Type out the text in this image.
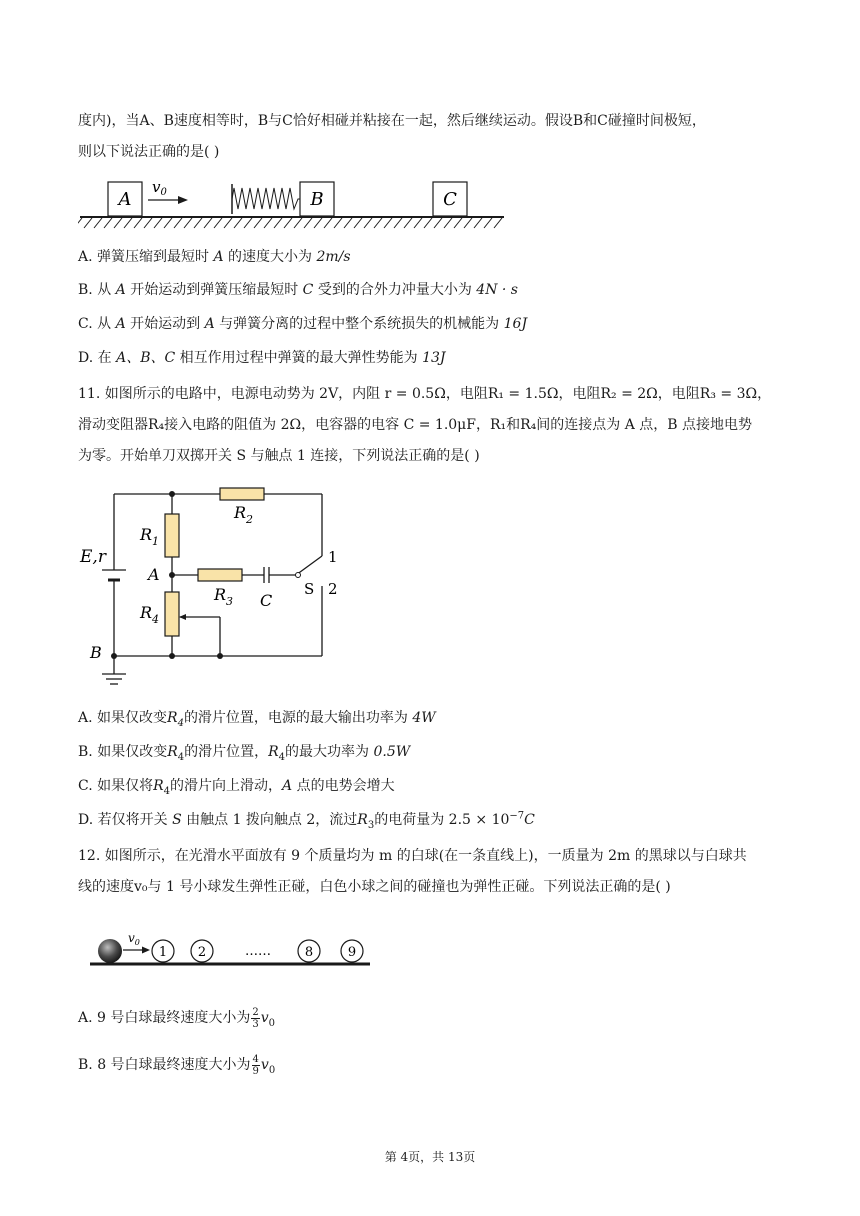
度内)，当A、B速度相等时，B与C恰好相碰并粘接在一起，然后继续运动。假设B和C碰撞时间极短，
则以下说法正确的是( )
A
$v_0$	B	C
A. 弹簧压缩到最短时 A 的速度大小为 2m/s
B. 从 A 开始运动到弹簧压缩最短时 C 受到的合外力冲量大小为 4N · s
C. 从 A 开始运动到 A 与弹簧分离的过程中整个系统损失的机械能为 16J
D. 在 A、B、C 相互作用过程中弹簧的最大弹性势能为 13J
11. 如图所示的电路中，电源电动势为 2V，内阻 r = 0.5Ω，电阻R₁ = 1.5Ω，电阻R₂ = 2Ω，电阻R₃ = 3Ω，
滑动变阻器R₄接入电路的阻值为 2Ω，电容器的电容 C = 1.0μF，R₁和R₄间的连接点为 A 点，B 点接地电势
为零。开始单刀双掷开关 S 与触点 1 连接，下列说法正确的是( )
E,r
$R_1$
$R_2$
A
$R_3$ C
$R_4$
S
1
2
B
A. 如果仅改变$R_4$的滑片位置，电源的最大输出功率为 4W
B. 如果仅改变$R_4$的滑片位置，$R_4$的最大功率为 0.5W
C. 如果仅将$R_4$的滑片向上滑动，A 点的电势会增大
D. 若仅将开关 S 由触点 1 拨向触点 2，流过$R_3$的电荷量为 $2.5 \times 10^{-7}C$
12. 如图所示，在光滑水平面放有 9 个质量均为 m 的白球(在一条直线上)，一质量为 2m 的黑球以与白球共
线的速度v₀与 1 号小球发生弹性正碰，白色小球之间的碰撞也为弹性正碰。下列说法正确的是( )
$v_0$
1 2	……	8	9
A. 9 号白球最终速度大小为 $\frac{2}{3} v_0$
B. 8 号白球最终速度大小为 $\frac{4}{9} v_0$
第 4页，共 13页
